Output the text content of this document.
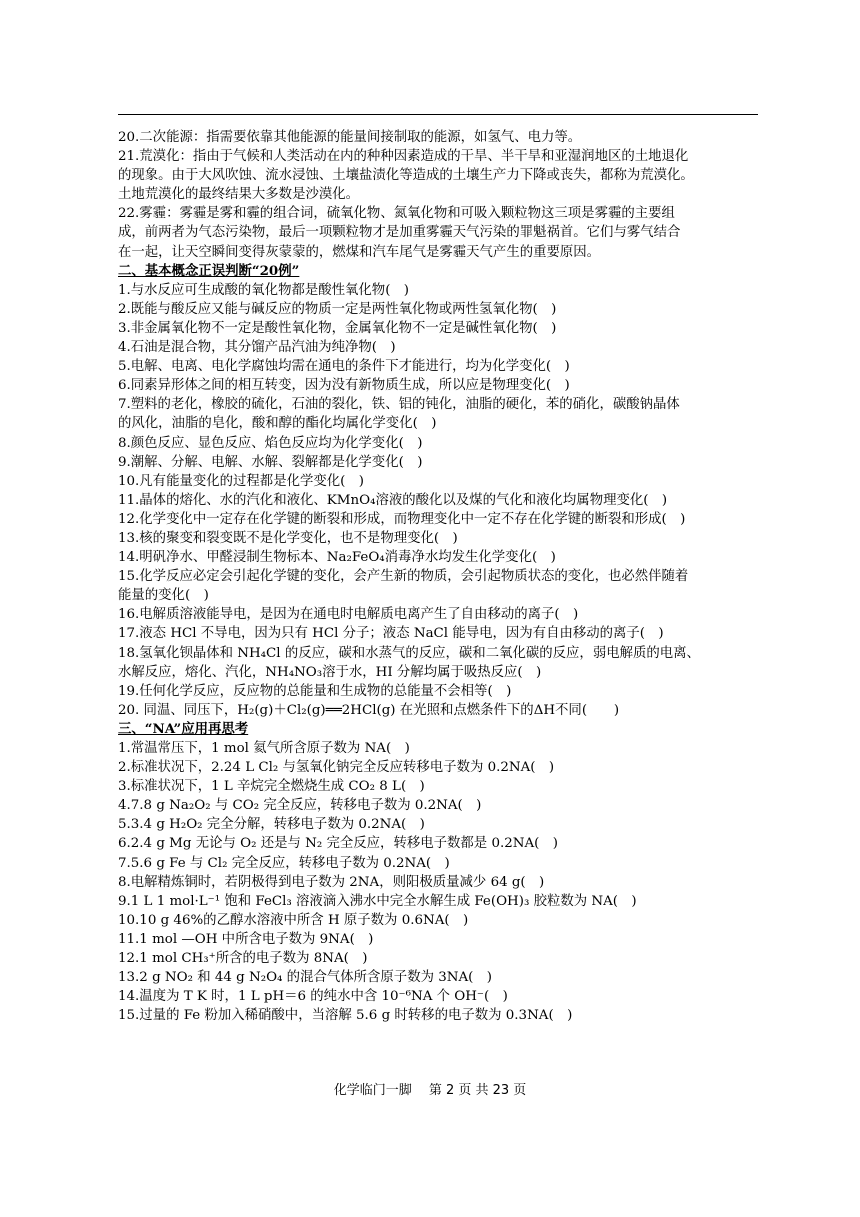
20.二次能源：指需要依靠其他能源的能量间接制取的能源，如氢气、电力等。
21.荒漠化：指由于气候和人类活动在内的种种因素造成的干旱、半干旱和亚湿润地区的土地退化
的现象。由于大风吹蚀、流水浸蚀、土壤盐渍化等造成的土壤生产力下降或丧失，都称为荒漠化。
土地荒漠化的最终结果大多数是沙漠化。
22.雾霾：雾霾是雾和霾的组合词，硫氧化物、氮氧化物和可吸入颗粒物这三项是雾霾的主要组
成，前两者为气态污染物，最后一项颗粒物才是加重雾霾天气污染的罪魁祸首。它们与雾气结合
在一起，让天空瞬间变得灰蒙蒙的，燃煤和汽车尾气是雾霾天气产生的重要原因。
二、基本概念正误判断“20例”
1.与水反应可生成酸的氧化物都是酸性氧化物(　)
2.既能与酸反应又能与碱反应的物质一定是两性氧化物或两性氢氧化物(　)
3.非金属氧化物不一定是酸性氧化物，金属氧化物不一定是碱性氧化物(　)
4.石油是混合物，其分馏产品汽油为纯净物(　)
5.电解、电离、电化学腐蚀均需在通电的条件下才能进行，均为化学变化(　)
6.同素异形体之间的相互转变，因为没有新物质生成，所以应是物理变化(　)
7.塑料的老化，橡胶的硫化，石油的裂化，铁、铝的钝化，油脂的硬化，苯的硝化，碳酸钠晶体
的风化，油脂的皂化，酸和醇的酯化均属化学变化(　)
8.颜色反应、显色反应、焰色反应均为化学变化(　)
9.潮解、分解、电解、水解、裂解都是化学变化(　)
10.凡有能量变化的过程都是化学变化(　)
11.晶体的熔化、水的汽化和液化、KMnO₄溶液的酸化以及煤的气化和液化均属物理变化(　)
12.化学变化中一定存在化学键的断裂和形成，而物理变化中一定不存在化学键的断裂和形成(　)
13.核的聚变和裂变既不是化学变化，也不是物理变化(　)
14.明矾净水、甲醛浸制生物标本、Na₂FeO₄消毒净水均发生化学变化(　)
15.化学反应必定会引起化学键的变化，会产生新的物质，会引起物质状态的变化，也必然伴随着
能量的变化(　)
16.电解质溶液能导电，是因为在通电时电解质电离产生了自由移动的离子(　)
17.液态 HCl 不导电，因为只有 HCl 分子；液态 NaCl 能导电，因为有自由移动的离子(　)
18.氢氧化钡晶体和 NH₄Cl 的反应，碳和水蒸气的反应，碳和二氧化碳的反应，弱电解质的电离、
水解反应，熔化、汽化，NH₄NO₃溶于水，HI 分解均属于吸热反应(　)
19.任何化学反应，反应物的总能量和生成物的总能量不会相等(　)
20. 同温、同压下，H₂(g)＋Cl₂(g)══2HCl(g) 在光照和点燃条件下的ΔH不同(　　)
三、“NA”应用再思考
1.常温常压下，1 mol 氦气所含原子数为 NA(　)
2.标准状况下，2.24 L Cl₂ 与氢氧化钠完全反应转移电子数为 0.2NA(　)
3.标准状况下，1 L 辛烷完全燃烧生成 CO₂ 8 L(　)
4.7.8 g Na₂O₂ 与 CO₂ 完全反应，转移电子数为 0.2NA(　)
5.3.4 g H₂O₂ 完全分解，转移电子数为 0.2NA(　)
6.2.4 g Mg 无论与 O₂ 还是与 N₂ 完全反应，转移电子数都是 0.2NA(　)
7.5.6 g Fe 与 Cl₂ 完全反应，转移电子数为 0.2NA(　)
8.电解精炼铜时，若阴极得到电子数为 2NA，则阳极质量减少 64 g(　)
9.1 L 1 mol·L⁻¹ 饱和 FeCl₃ 溶液滴入沸水中完全水解生成 Fe(OH)₃ 胶粒数为 NA(　)
10.10 g 46%的乙醇水溶液中所含 H 原子数为 0.6NA(　)
11.1 mol —OH 中所含电子数为 9NA(　)
12.1 mol CH₃⁺所含的电子数为 8NA(　)
13.2 g NO₂ 和 44 g N₂O₄ 的混合气体所含原子数为 3NA(　)
14.温度为 T K 时，1 L pH＝6 的纯水中含 10⁻⁶NA 个 OH⁻(　)
15.过量的 Fe 粉加入稀硝酸中，当溶解 5.6 g 时转移的电子数为 0.3NA(　)
化学临门一脚　 第 2 页 共 23 页
